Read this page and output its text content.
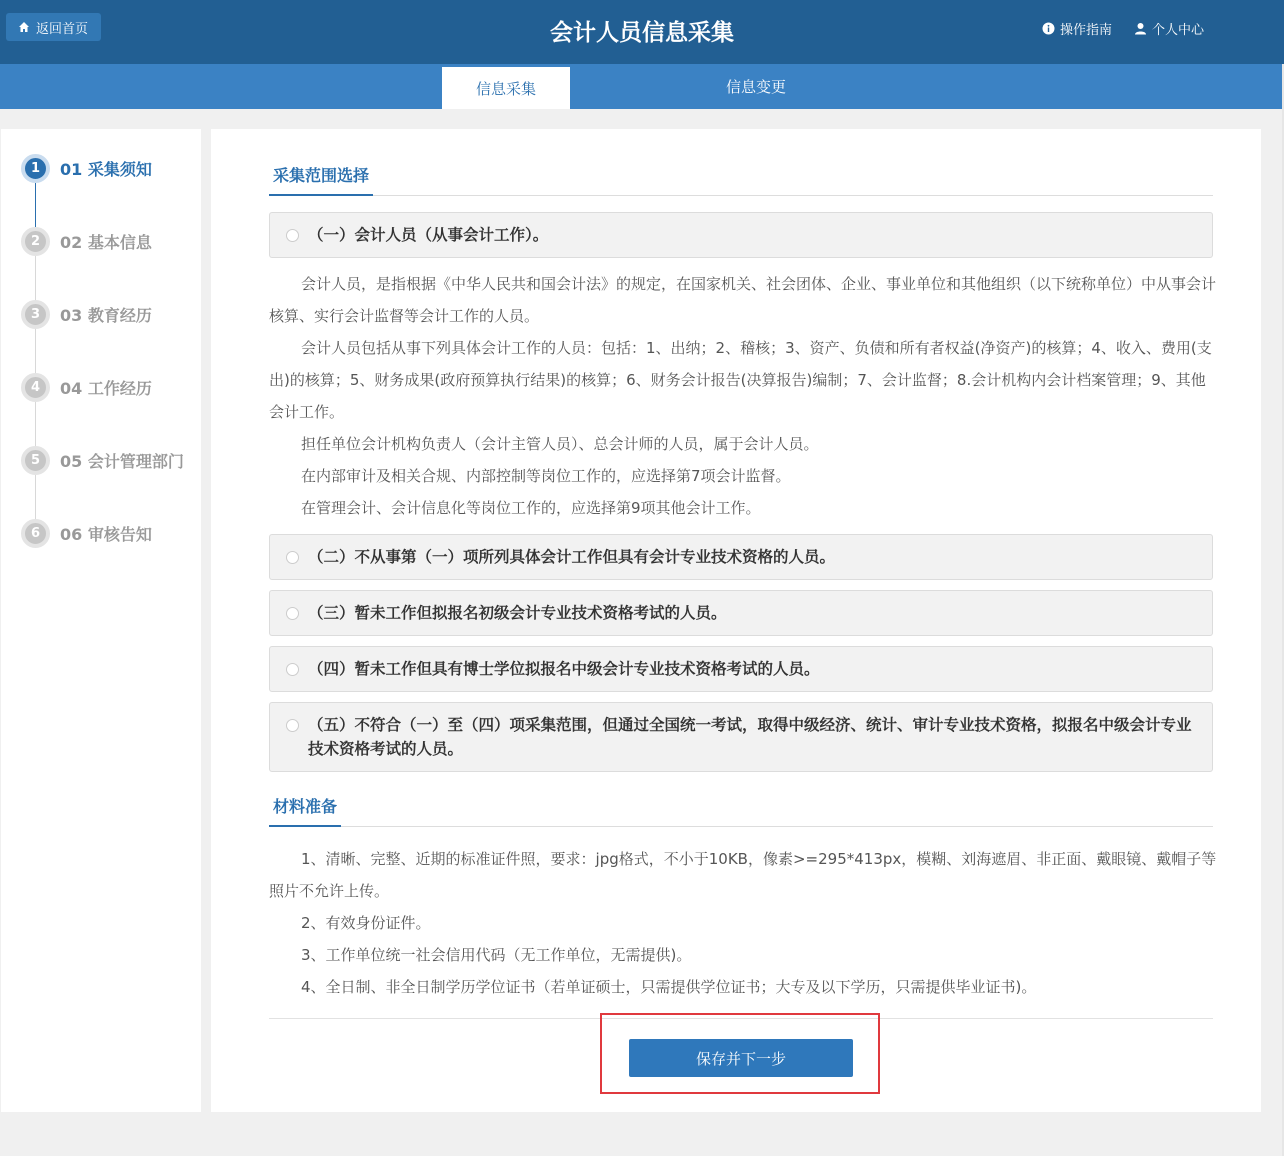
返回首页	会计人员信息采集	操作指南	个人中心
信息采集	信息变更
1	01 采集须知
2	02 基本信息
3	03 教育经历
4	04 工作经历
5	05 会计管理部门
6	06 审核告知
采集范围选择
（一）会计人员（从事会计工作）。
会计人员，是指根据《中华人民共和国会计法》的规定，在国家机关、社会团体、企业、事业单位和其他组织（以下统称单位）中从事会计核算、实行会计监督等会计工作的人员。
会计人员包括从事下列具体会计工作的人员：包括：1、出纳；2、稽核；3、资产、负债和所有者权益(净资产)的核算；4、收入、费用(支出)的核算；5、财务成果(政府预算执行结果)的核算；6、财务会计报告(决算报告)编制；7、会计监督；8.会计机构内会计档案管理；9、其他会计工作。
担任单位会计机构负责人（会计主管人员）、总会计师的人员，属于会计人员。
在内部审计及相关合规、内部控制等岗位工作的，应选择第7项会计监督。
在管理会计、会计信息化等岗位工作的，应选择第9项其他会计工作。
（二）不从事第（一）项所列具体会计工作但具有会计专业技术资格的人员。
（三）暂未工作但拟报名初级会计专业技术资格考试的人员。
（四）暂未工作但具有博士学位拟报名中级会计专业技术资格考试的人员。
（五）不符合（一）至（四）项采集范围，但通过全国统一考试，取得中级经济、统计、审计专业技术资格，拟报名中级会计专业技术资格考试的人员。
材料准备
1、清晰、完整、近期的标准证件照，要求：jpg格式，不小于10KB，像素>=295*413px，模糊、刘海遮眉、非正面、戴眼镜、戴帽子等照片不允许上传。
2、有效身份证件。
3、工作单位统一社会信用代码（无工作单位，无需提供)。
4、全日制、非全日制学历学位证书（若单证硕士，只需提供学位证书；大专及以下学历，只需提供毕业证书)。
保存并下一步
